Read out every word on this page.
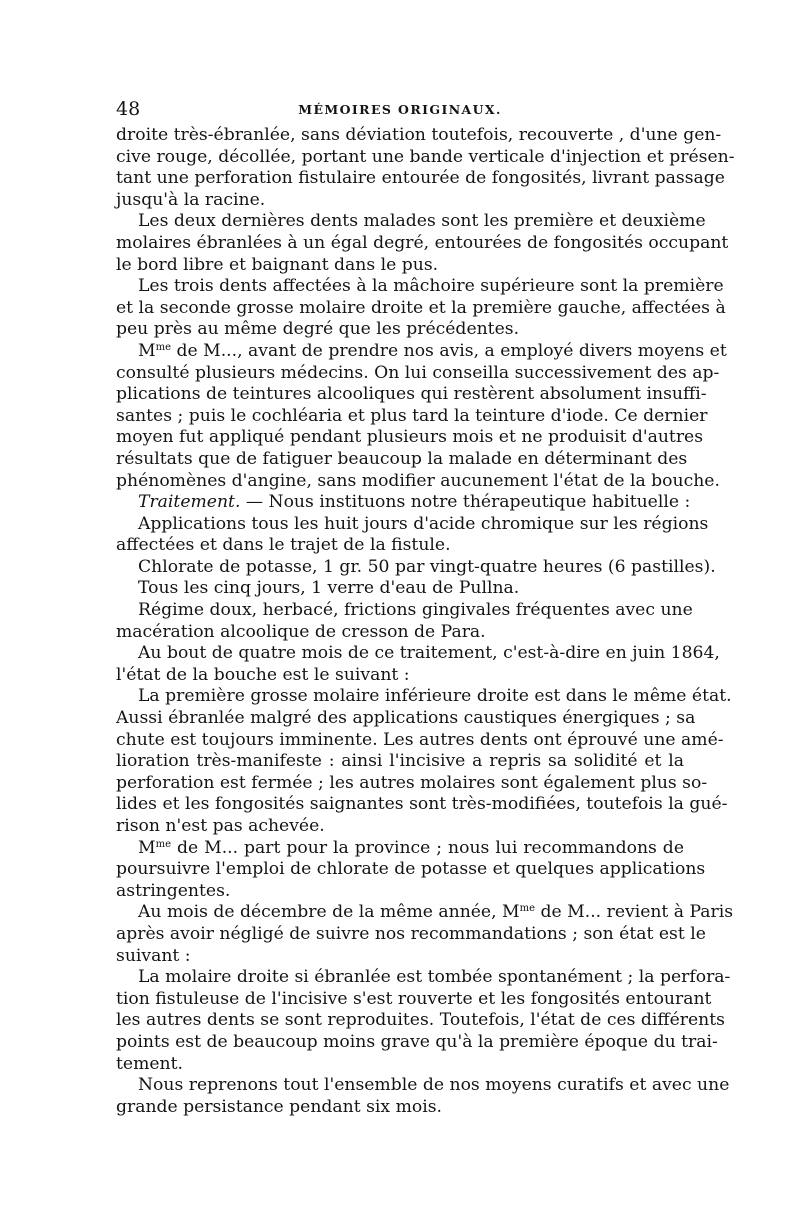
48	MÉMOIRES ORIGINAUX.
droite très-ébranlée, sans déviation toutefois, recouverte , d'une gen-
cive rouge, décollée, portant une bande verticale d'injection et présen-
tant une perforation fistulaire entourée de fongosités, livrant passage
jusqu'à la racine.
Les deux dernières dents malades sont les première et deuxième
molaires ébranlées à un égal degré, entourées de fongosités occupant
le bord libre et baignant dans le pus.
Les trois dents affectées à la mâchoire supérieure sont la première
et la seconde grosse molaire droite et la première gauche, affectées à
peu près au même degré que les précédentes.
$M^{me}$ de M..., avant de prendre nos avis, a employé divers moyens et
consulté plusieurs médecins. On lui conseilla successivement des ap-
plications de teintures alcooliques qui restèrent absolument insuffi-
santes ; puis le cochléaria et plus tard la teinture d'iode. Ce dernier
moyen fut appliqué pendant plusieurs mois et ne produisit d'autres
résultats que de fatiguer beaucoup la malade en déterminant des
phénomènes d'angine, sans modifier aucunement l'état de la bouche.
Traitement. — Nous instituons notre thérapeutique habituelle :
Applications tous les huit jours d'acide chromique sur les régions
affectées et dans le trajet de la fistule.
Chlorate de potasse, 1 gr. 50 par vingt-quatre heures (6 pastilles).
Tous les cinq jours, 1 verre d'eau de Pullna.
Régime doux, herbacé, frictions gingivales fréquentes avec une
macération alcoolique de cresson de Para.
Au bout de quatre mois de ce traitement, c'est-à-dire en juin 1864,
l'état de la bouche est le suivant :
La première grosse molaire inférieure droite est dans le même état.
Aussi ébranlée malgré des applications caustiques énergiques ; sa
chute est toujours imminente. Les autres dents ont éprouvé une amé-
lioration très-manifeste : ainsi l'incisive a repris sa solidité et la
perforation est fermée ; les autres molaires sont également plus so-
lides et les fongosités saignantes sont très-modifiées, toutefois la gué-
rison n'est pas achevée.
$M^{me}$ de M... part pour la province ; nous lui recommandons de
poursuivre l'emploi de chlorate de potasse et quelques applications
astringentes.
Au mois de décembre de la même année, $M^{me}$ de M... revient à Paris
après avoir négligé de suivre nos recommandations ; son état est le
suivant :
La molaire droite si ébranlée est tombée spontanément ; la perfora-
tion fistuleuse de l'incisive s'est rouverte et les fongosités entourant
les autres dents se sont reproduites. Toutefois, l'état de ces différents
points est de beaucoup moins grave qu'à la première époque du trai-
tement.
Nous reprenons tout l'ensemble de nos moyens curatifs et avec une
grande persistance pendant six mois.
